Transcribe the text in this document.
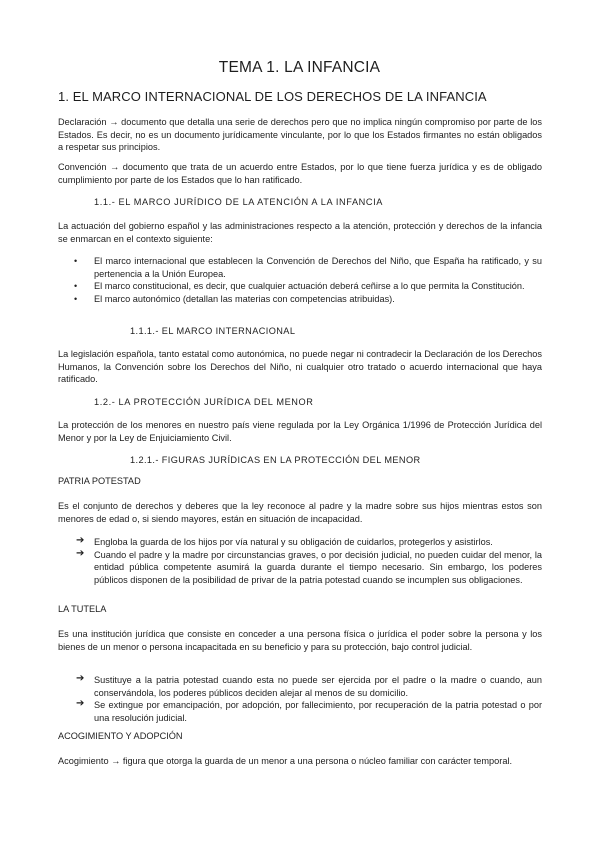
TEMA 1. LA INFANCIA
1. EL MARCO INTERNACIONAL DE LOS DERECHOS DE LA INFANCIA
Declaración → documento que detalla una serie de derechos pero que no implica ningún compromiso por parte de los Estados. Es decir, no es un documento jurídicamente vinculante, por lo que los Estados firmantes no están obligados a respetar sus principios.
Convención → documento que trata de un acuerdo entre Estados, por lo que tiene fuerza jurídica y es de obligado cumplimiento por parte de los Estados que lo han ratificado.
1.1.- EL MARCO JURÍDICO DE LA ATENCIÓN A LA INFANCIA
La actuación del gobierno español y las administraciones respecto a la atención, protección y derechos de la infancia se enmarcan en el contexto siguiente:
• El marco internacional que establecen la Convención de Derechos del Niño, que España ha ratificado, y su pertenencia a la Unión Europea.
• El marco constitucional, es decir, que cualquier actuación deberá ceñirse a lo que permita la Constitución.
• El marco autonómico (detallan las materias con competencias atribuidas).
1.1.1.- EL MARCO INTERNACIONAL
La legislación española, tanto estatal como autonómica, no puede negar ni contradecir la Declaración de los Derechos Humanos, la Convención sobre los Derechos del Niño, ni cualquier otro tratado o acuerdo internacional que haya ratificado.
1.2.- LA PROTECCIÓN JURÍDICA DEL MENOR
La protección de los menores en nuestro país viene regulada por la Ley Orgánica 1/1996 de Protección Jurídica del Menor y por la Ley de Enjuiciamiento Civil.
1.2.1.- FIGURAS JURÍDICAS EN LA PROTECCIÓN DEL MENOR
PATRIA POTESTAD
Es el conjunto de derechos y deberes que la ley reconoce al padre y la madre sobre sus hijos mientras estos son menores de edad o, si siendo mayores, están en situación de incapacidad.
➔ Engloba la guarda de los hijos por vía natural y su obligación de cuidarlos, protegerlos y asistirlos.
➔ Cuando el padre y la madre por circunstancias graves, o por decisión judicial, no pueden cuidar del menor, la entidad pública competente asumirá la guarda durante el tiempo necesario. Sin embargo, los poderes públicos disponen de la posibilidad de privar de la patria potestad cuando se incumplen sus obligaciones.
LA TUTELA
Es una institución jurídica que consiste en conceder a una persona física o jurídica el poder sobre la persona y los bienes de un menor o persona incapacitada en su beneficio y para su protección, bajo control judicial.
➔ Sustituye a la patria potestad cuando esta no puede ser ejercida por el padre o la madre o cuando, aun conservándola, los poderes públicos deciden alejar al menos de su domicilio.
➔ Se extingue por emancipación, por adopción, por fallecimiento, por recuperación de la patria potestad o por una resolución judicial.
ACOGIMIENTO Y ADOPCIÓN
Acogimiento → figura que otorga la guarda de un menor a una persona o núcleo familiar con carácter temporal.
